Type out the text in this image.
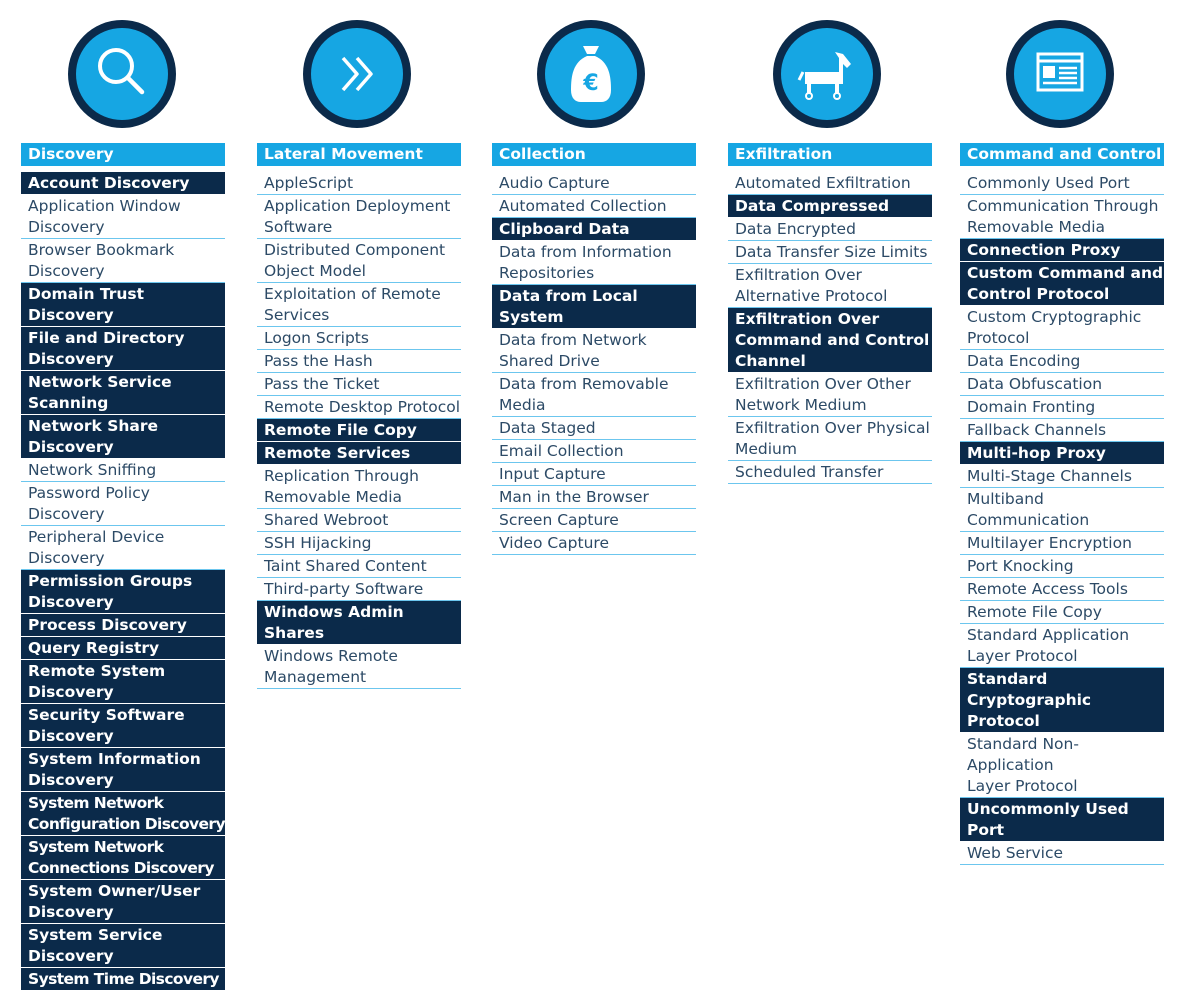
Discovery
Account Discovery
Application Window
Discovery
Browser Bookmark
Discovery
Domain Trust
Discovery
File and Directory
Discovery
Network Service
Scanning
Network Share
Discovery
Network Sniffing
Password Policy
Discovery
Peripheral Device
Discovery
Permission Groups
Discovery
Process Discovery
Query Registry
Remote System
Discovery
Security Software
Discovery
System Information
Discovery
System Network
Configuration Discovery
System Network
Connections Discovery
System Owner/User
Discovery
System Service
Discovery
System Time Discovery
Lateral Movement
AppleScript
Application Deployment
Software
Distributed Component
Object Model
Exploitation of Remote
Services
Logon Scripts
Pass the Hash
Pass the Ticket
Remote Desktop Protocol
Remote File Copy
Remote Services
Replication Through
Removable Media
Shared Webroot
SSH Hijacking
Taint Shared Content
Third-party Software
Windows Admin
Shares
Windows Remote
Management
€
Collection
Audio Capture
Automated Collection
Clipboard Data
Data from Information
Repositories
Data from Local
System
Data from Network
Shared Drive
Data from Removable
Media
Data Staged
Email Collection
Input Capture
Man in the Browser
Screen Capture
Video Capture
Exfiltration
Automated Exfiltration
Data Compressed
Data Encrypted
Data Transfer Size Limits
Exfiltration Over
Alternative Protocol
Exfiltration Over
Command and Control
Channel
Exfiltration Over Other
Network Medium
Exfiltration Over Physical
Medium
Scheduled Transfer
Command and Control
Commonly Used Port
Communication Through
Removable Media
Connection Proxy
Custom Command and
Control Protocol
Custom Cryptographic
Protocol
Data Encoding
Data Obfuscation
Domain Fronting
Fallback Channels
Multi-hop Proxy
Multi-Stage Channels
Multiband
Communication
Multilayer Encryption
Port Knocking
Remote Access Tools
Remote File Copy
Standard Application
Layer Protocol
Standard
Cryptographic
Protocol
Standard Non-Application
Layer Protocol
Uncommonly Used
Port
Web Service
